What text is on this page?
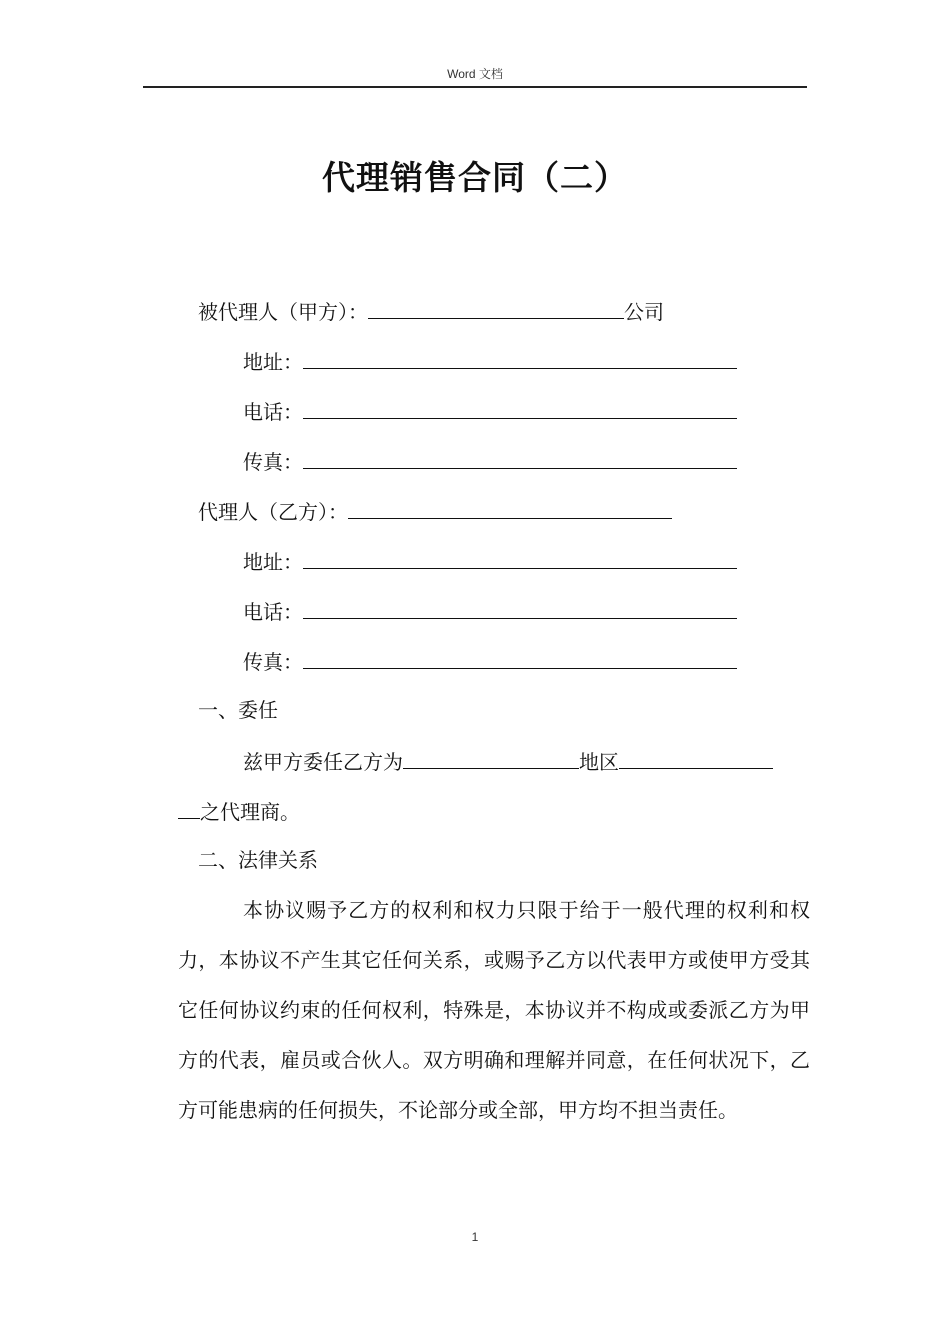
Word 文档
代理销售合同（二）
被代理人（甲方）：	公司
地址：
电话：
传真：
代理人（乙方）：
地址：
电话：
传真：
一、委任
兹甲方委任乙方为	地区
之代理商。
二、法律关系
本协议赐予乙方的权利和权力只限于给于一般代理的权利和权力，本协议不产生其它任何关系，或赐予乙方以代表甲方或使甲方受其它任何协议约束的任何权利，特殊是，本协议并不构成或委派乙方为甲方的代表，雇员或合伙人。双方明确和理解并同意，在任何状况下，乙方可能患病的任何损失，不论部分或全部，甲方均不担当责任。
1
